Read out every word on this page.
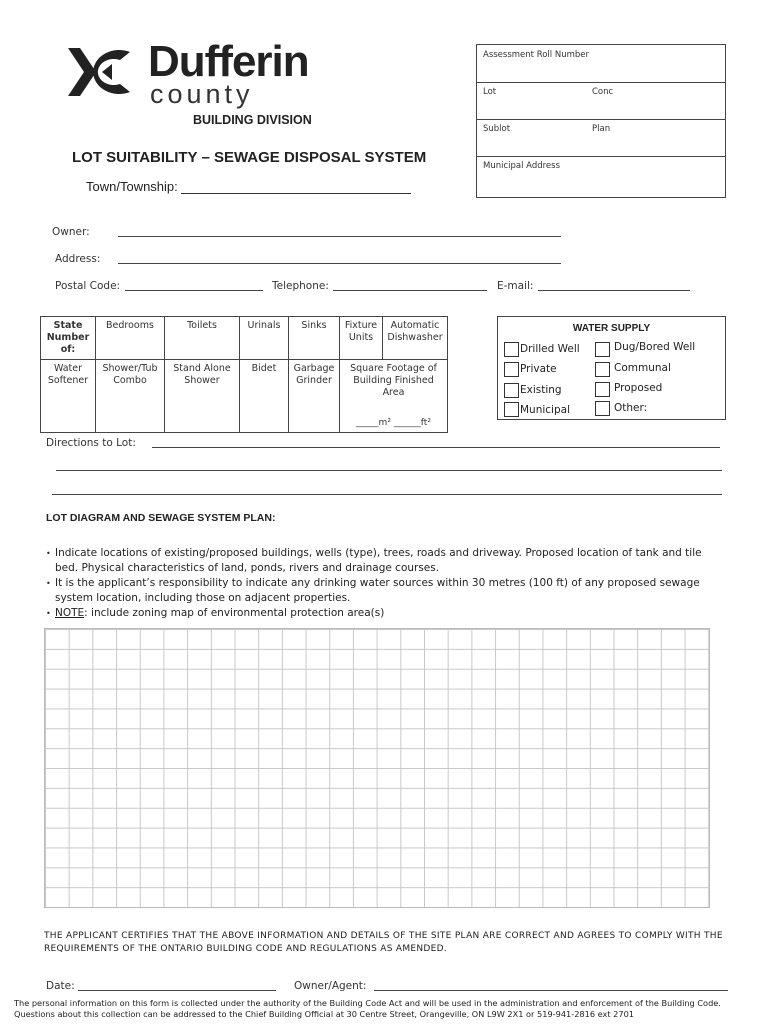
Dufferin
county
BUILDING DIVISION
LOT SUITABILITY – SEWAGE DISPOSAL SYSTEM
Town/Township:
Assessment Roll Number
Lot	Conc
Sublot	Plan
Municipal Address
Owner:
Address:
Postal Code:	Telephone:	E-mail:
State Number of:	Bedrooms	Toilets	Urinals	Sinks	Fixture Units	Automatic Dishwasher
Water Softener	Shower/Tub Combo	Stand Alone Shower	Bidet	Garbage Grinder	Square Footage of Building Finished Area
_____m² ______ft²	
WATER SUPPLY
Drilled Well	Dug/Bored Well
Private	Communal
Existing	Proposed
Municipal	Other:
Directions to Lot:
LOT DIAGRAM AND SEWAGE SYSTEM PLAN:
• Indicate locations of existing/proposed buildings, wells (type), trees, roads and driveway. Proposed location of tank and tile bed. Physical characteristics of land, ponds, rivers and drainage courses.
• It is the applicant’s responsibility to indicate any drinking water sources within 30 metres (100 ft) of any proposed sewage system location, including those on adjacent properties.
• NOTE: include zoning map of environmental protection area(s)
THE APPLICANT CERTIFIES THAT THE ABOVE INFORMATION AND DETAILS OF THE SITE PLAN ARE CORRECT AND AGREES TO COMPLY WITH THE REQUIREMENTS OF THE ONTARIO BUILDING CODE AND REGULATIONS AS AMENDED.
Date:	Owner/Agent:
The personal information on this form is collected under the authority of the Building Code Act and will be used in the administration and enforcement of the Building Code. Questions about this collection can be addressed to the Chief Building Official at 30 Centre Street, Orangeville, ON L9W 2X1 or 519-941-2816 ext 2701
